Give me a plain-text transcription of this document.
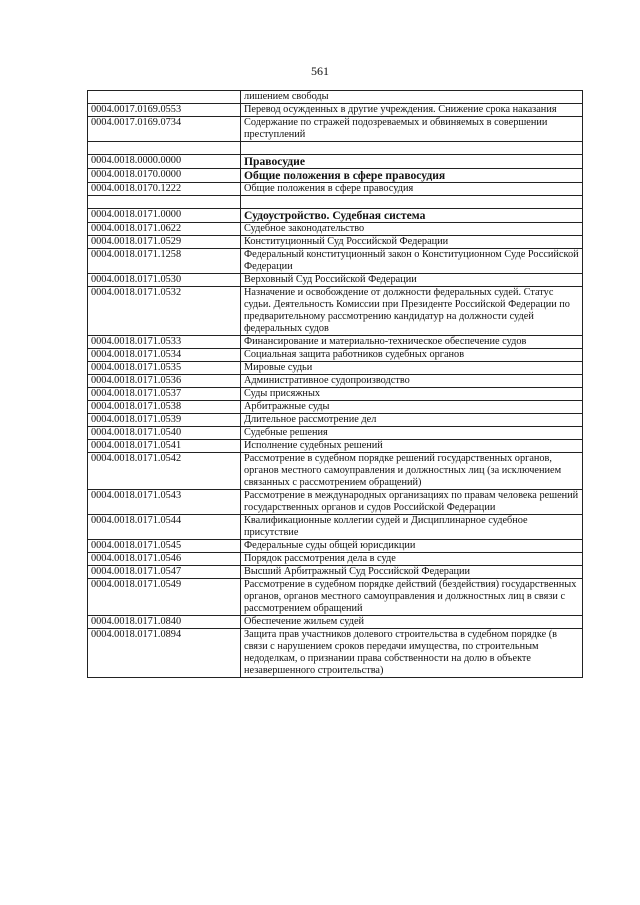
561
	лишением свободы
0004.0017.0169.0553	Перевод осужденных в другие учреждения. Снижение срока наказания
0004.0017.0169.0734	Содержание по стражей подозреваемых и обвиняемых в совершении преступлений

0004.0018.0000.0000	Правосудие
0004.0018.0170.0000	Общие положения в сфере правосудия
0004.0018.0170.1222	Общие положения в сфере правосудия

0004.0018.0171.0000	Судоустройство. Судебная система
0004.0018.0171.0622	Судебное законодательство
0004.0018.0171.0529	Конституционный Суд Российской Федерации
0004.0018.0171.1258	Федеральный конституционный закон о Конституционном Суде Российской Федерации
0004.0018.0171.0530	Верховный Суд Российской Федерации
0004.0018.0171.0532	Назначение и освобождение от должности федеральных судей. Статус судьи. Деятельность Комиссии при Президенте Российской Федерации по предварительному рассмотрению кандидатур на должности судей федеральных судов
0004.0018.0171.0533	Финансирование и материально-техническое обеспечение судов
0004.0018.0171.0534	Социальная защита работников судебных органов
0004.0018.0171.0535	Мировые судьи
0004.0018.0171.0536	Административное судопроизводство
0004.0018.0171.0537	Суды присяжных
0004.0018.0171.0538	Арбитражные суды
0004.0018.0171.0539	Длительное рассмотрение дел
0004.0018.0171.0540	Судебные решения
0004.0018.0171.0541	Исполнение судебных решений
0004.0018.0171.0542	Рассмотрение в судебном порядке решений государственных органов, органов местного самоуправления и должностных лиц (за исключением связанных с рассмотрением обращений)
0004.0018.0171.0543	Рассмотрение в международных организациях по правам человека решений государственных органов и судов Российской Федерации
0004.0018.0171.0544	Квалификационные коллегии судей и Дисциплинарное судебное присутствие
0004.0018.0171.0545	Федеральные суды общей юрисдикции
0004.0018.0171.0546	Порядок рассмотрения дела в суде
0004.0018.0171.0547	Высший Арбитражный Суд Российской Федерации
0004.0018.0171.0549	Рассмотрение в судебном порядке действий (бездействия) государственных органов, органов местного самоуправления и должностных лиц в связи с рассмотрением обращений
0004.0018.0171.0840	Обеспечение жильем судей
0004.0018.0171.0894	Защита прав участников долевого строительства в судебном порядке (в связи с нарушением сроков передачи имущества, по строительным недоделкам, о признании права собственности на долю в объекте незавершенного строительства)
